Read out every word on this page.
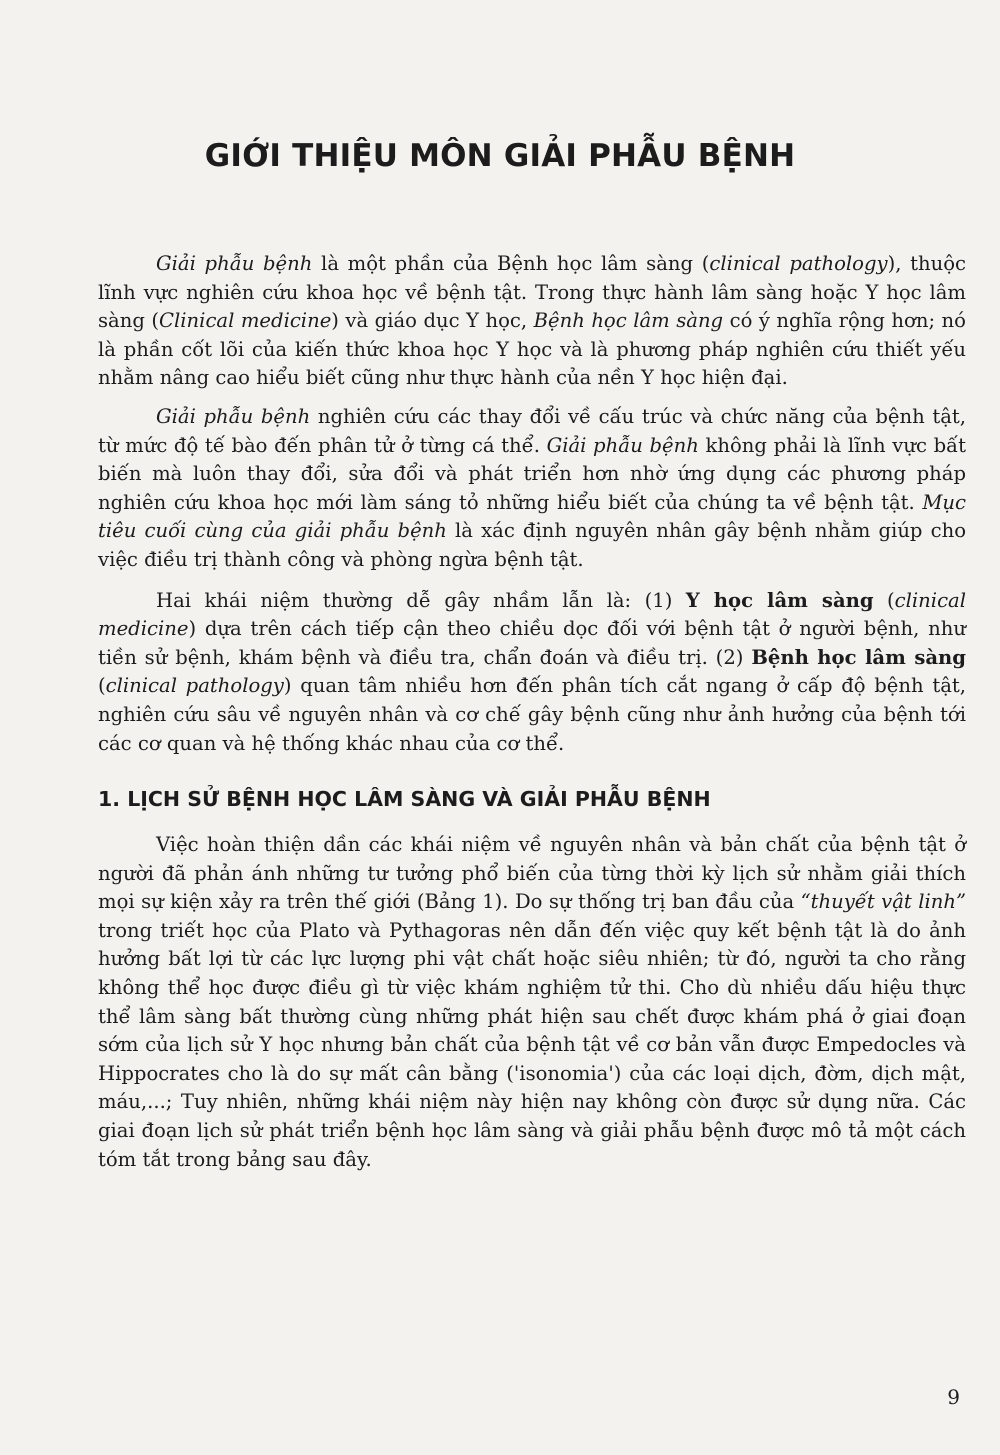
GIỚI THIỆU MÔN GIẢI PHẪU BỆNH

Giải phẫu bệnh là một phần của Bệnh học lâm sàng (clinical pathology), thuộc lĩnh vực nghiên cứu khoa học về bệnh tật. Trong thực hành lâm sàng hoặc Y học lâm sàng (Clinical medicine) và giáo dục Y học, Bệnh học lâm sàng có ý nghĩa rộng hơn; nó là phần cốt lõi của kiến thức khoa học Y học và là phương pháp nghiên cứu thiết yếu nhằm nâng cao hiểu biết cũng như thực hành của nền Y học hiện đại.

Giải phẫu bệnh nghiên cứu các thay đổi về cấu trúc và chức năng của bệnh tật, từ mức độ tế bào đến phân tử ở từng cá thể. Giải phẫu bệnh không phải là lĩnh vực bất biến mà luôn thay đổi, sửa đổi và phát triển hơn nhờ ứng dụng các phương pháp nghiên cứu khoa học mới làm sáng tỏ những hiểu biết của chúng ta về bệnh tật. Mục tiêu cuối cùng của giải phẫu bệnh là xác định nguyên nhân gây bệnh nhằm giúp cho việc điều trị thành công và phòng ngừa bệnh tật.

Hai khái niệm thường dễ gây nhầm lẫn là: (1) Y học lâm sàng (clinical medicine) dựa trên cách tiếp cận theo chiều dọc đối với bệnh tật ở người bệnh, như tiền sử bệnh, khám bệnh và điều tra, chẩn đoán và điều trị. (2) Bệnh học lâm sàng (clinical pathology) quan tâm nhiều hơn đến phân tích cắt ngang ở cấp độ bệnh tật, nghiên cứu sâu về nguyên nhân và cơ chế gây bệnh cũng như ảnh hưởng của bệnh tới các cơ quan và hệ thống khác nhau của cơ thể.

1. LỊCH SỬ BỆNH HỌC LÂM SÀNG VÀ GIẢI PHẪU BỆNH

Việc hoàn thiện dần các khái niệm về nguyên nhân và bản chất của bệnh tật ở người đã phản ánh những tư tưởng phổ biến của từng thời kỳ lịch sử nhằm giải thích mọi sự kiện xảy ra trên thế giới (Bảng 1). Do sự thống trị ban đầu của “thuyết vật linh” trong triết học của Plato và Pythagoras nên dẫn đến việc quy kết bệnh tật là do ảnh hưởng bất lợi từ các lực lượng phi vật chất hoặc siêu nhiên; từ đó, người ta cho rằng không thể học được điều gì từ việc khám nghiệm tử thi. Cho dù nhiều dấu hiệu thực thể lâm sàng bất thường cùng những phát hiện sau chết được khám phá ở giai đoạn sớm của lịch sử Y học nhưng bản chất của bệnh tật về cơ bản vẫn được Empedocles và Hippocrates cho là do sự mất cân bằng ('isonomia') của các loại dịch, đờm, dịch mật, máu,...; Tuy nhiên, những khái niệm này hiện nay không còn được sử dụng nữa. Các giai đoạn lịch sử phát triển bệnh học lâm sàng và giải phẫu bệnh được mô tả một cách tóm tắt trong bảng sau đây.

9
